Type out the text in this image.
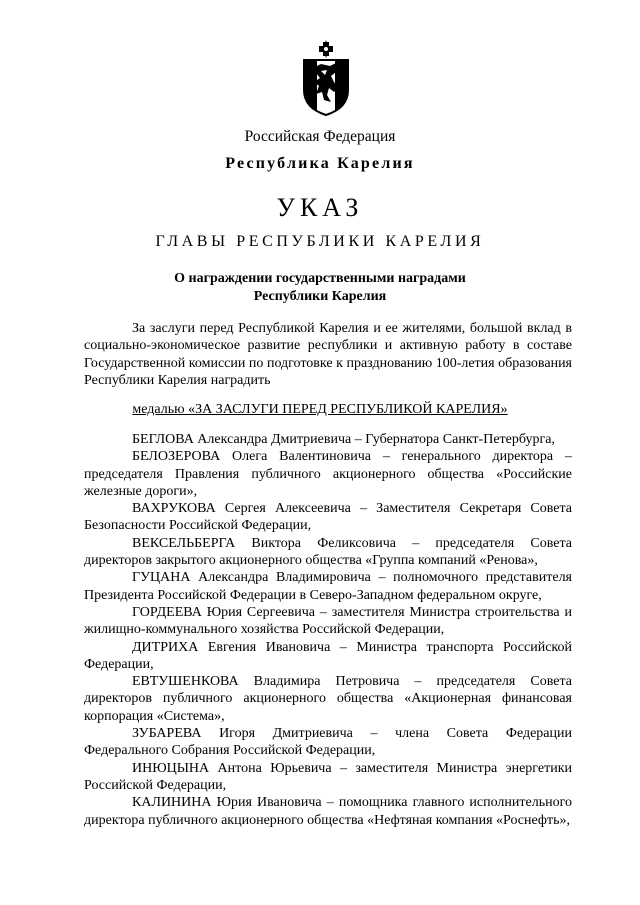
Российская Федерация
Республика Карелия
УКАЗ
ГЛАВЫ РЕСПУБЛИКИ КАРЕЛИЯ
О награждении государственными наградами
Республики Карелия
За заслуги перед Республикой Карелия и ее жителями, большой вклад в социально-экономическое развитие республики и активную работу в составе Государственной комиссии по подготовке к празднованию 100-летия образования Республики Карелия наградить
медалью «ЗА ЗАСЛУГИ ПЕРЕД РЕСПУБЛИКОЙ КАРЕЛИЯ»

БЕГЛОВА Александра Дмитриевича – Губернатора Санкт-Петербурга,

БЕЛОЗЕРОВА Олега Валентиновича – генерального директора – председателя Правления публичного акционерного общества «Российские железные дороги»,

ВАХРУКОВА Сергея Алексеевича – Заместителя Секретаря Совета Безопасности Российской Федерации,

ВЕКСЕЛЬБЕРГА Виктора Феликсовича – председателя Совета директоров закрытого акционерного общества «Группа компаний «Ренова»,

ГУЦАНА Александра Владимировича – полномочного представителя Президента Российской Федерации в Северо-Западном федеральном округе,

ГОРДЕЕВА Юрия Сергеевича – заместителя Министра строительства и жилищно-коммунального хозяйства Российской Федерации,

ДИТРИХА Евгения Ивановича – Министра транспорта Российской Федерации,

ЕВТУШЕНКОВА Владимира Петровича – председателя Совета директоров публичного акционерного общества «Акционерная финансовая корпорация «Система»,

ЗУБАРЕВА Игоря Дмитриевича – члена Совета Федерации Федерального Собрания Российской Федерации,

ИНЮЦЫНА Антона Юрьевича – заместителя Министра энергетики Российской Федерации,

КАЛИНИНА Юрия Ивановича – помощника главного исполнительного директора публичного акционерного общества «Нефтяная компания «Роснефть»,
